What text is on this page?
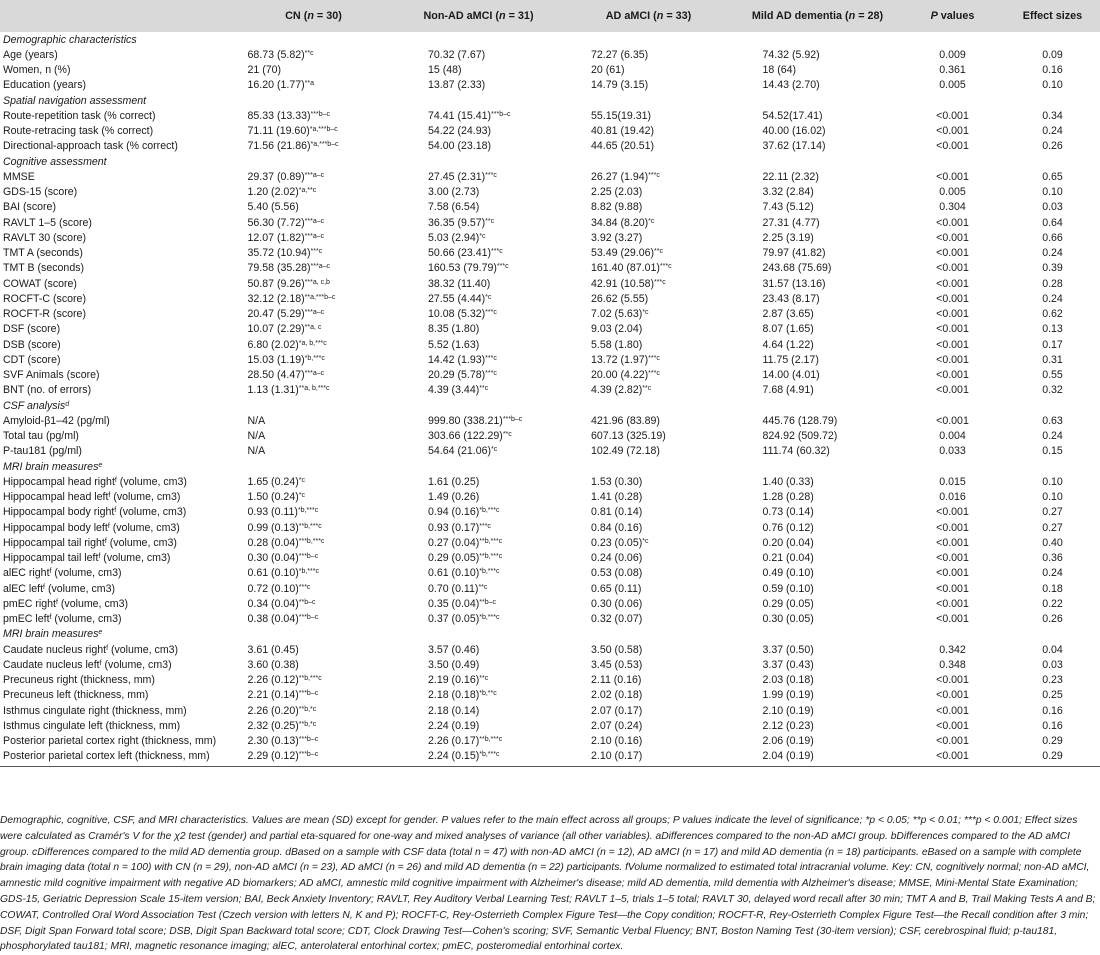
	CN (n = 30)	Non-AD aMCI (n = 31)	AD aMCI (n = 33)	Mild AD dementia (n = 28)	P values	Effect sizes
Demographic characteristics						
Age (years)	68.73 $(5.82)^{**c}$	70.32 (7.67)	72.27 (6.35)	74.32 (5.92)	0.009	0.09
Women, n (%)	21 (70)	15 (48)	20 (61)	18 (64)	0.361	0.16
Education (years)	16.20 $(1.77)^{**a}$	13.87 (2.33)	14.79 (3.15)	14.43 (2.70)	0.005	0.10
Spatial navigation assessment						
Route-repetition task (% correct)	85.33 $(13.33)^{***b-c}$	74.41 $(15.41)^{***b-c}$	55.15(19.31)	54.52(17.41)	<0.001	0.34
Route-retracing task (% correct)	71.11 $(19.60)^{*a,***b-c}$	54.22 (24.93)	40.81 (19.42)	40.00 (16.02)	<0.001	0.24
Directional-approach task (% correct)	71.56 $(21.86)^{*a,***b-c}$	54.00 (23.18)	44.65 (20.51)	37.62 (17.14)	<0.001	0.26
Cognitive assessment						
MMSE	29.37 $(0.89)^{***a-c}$	27.45 $(2.31)^{***c}$	26.27 $(1.94)^{***c}$	22.11 (2.32)	<0.001	0.65
GDS-15 (score)	1.20 $(2.02)^{*a,**c}$	3.00 (2.73)	2.25 (2.03)	3.32 (2.84)	0.005	0.10
BAI (score)	5.40 (5.56)	7.58 (6.54)	8.82 (9.88)	7.43 (5.12)	0.304	0.03
RAVLT 1–5 (score)	56.30 $(7.72)^{***a-c}$	36.35 $(9.57)^{**c}$	34.84 $(8.20)^{*c}$	27.31 (4.77)	<0.001	0.64
RAVLT 30 (score)	12.07 $(1.82)^{***a-c}$	5.03 $(2.94)^{*c}$	3.92 (3.27)	2.25 (3.19)	<0.001	0.66
TMT A (seconds)	35.72 $(10.94)^{***c}$	50.66 $(23.41)^{***c}$	53.49 $(29.06)^{**c}$	79.97 (41.82)	<0.001	0.24
TMT B (seconds)	79.58 $(35.28)^{***a-c}$	160.53 $(79.79)^{***c}$	161.40 $(87.01)^{***c}$	243.68 (75.69)	<0.001	0.39
COWAT (score)	50.87 $(9.26)^{***a, c,b}$	38.32 (11.40)	42.91 $(10.58)^{***c}$	31.57 (13.16)	<0.001	0.28
ROCFT-C (score)	32.12 $(2.18)^{**a,***b-c}$	27.55 $(4.44)^{*c}$	26.62 (5.55)	23.43 (8.17)	<0.001	0.24
ROCFT-R (score)	20.47 $(5.29)^{***a-c}$	10.08 $(5.32)^{***c}$	7.02 $(5.63)^{*c}$	2.87 (3.65)	<0.001	0.62
DSF (score)	10.07 $(2.29)^{**a, c}$	8.35 (1.80)	9.03 (2.04)	8.07 (1.65)	<0.001	0.13
DSB (score)	6.80 $(2.02)^{*a, b,***c}$	5.52 (1.63)	5.58 (1.80)	4.64 (1.22)	<0.001	0.17
CDT (score)	15.03 $(1.19)^{*b,***c}$	14.42 $(1.93)^{***c}$	13.72 $(1.97)^{***c}$	11.75 (2.17)	<0.001	0.31
SVF Animals (score)	28.50 $(4.47)^{***a-c}$	20.29 $(5.78)^{***c}$	20.00 $(4.22)^{***c}$	14.00 (4.01)	<0.001	0.55
BNT (no. of errors)	1.13 $(1.31)^{**a, b,***c}$	4.39 $(3.44)^{**c}$	4.39 $(2.82)^{**c}$	7.68 (4.91)	<0.001	0.32
CSF analysis$^d$
Amyloid-β1–42 (pg/ml)	N/A	999.80 $(338.21)^{***b-c}$	421.96 (83.89)	445.76 (128.79)	<0.001	0.63
Total tau (pg/ml)	N/A	303.66 $(122.29)^{**c}$	607.13 (325.19)	824.92 (509.72)	0.004	0.24
P-tau181 (pg/ml)	N/A	54.64 $(21.06)^{*c}$	102.49 (72.18)	111.74 (60.32)	0.033	0.15
MRI brain measures$^e$
Hippocampal head right$^f$ (volume, cm3)	1.65 $(0.24)^{*c}$	1.61 (0.25)	1.53 (0.30)	1.40 (0.33)	0.015	0.10
Hippocampal head left$^f$ (volume, cm3)	1.50 $(0.24)^{*c}$	1.49 (0.26)	1.41 (0.28)	1.28 (0.28)	0.016	0.10
Hippocampal body right$^f$ (volume, cm3)	0.93 $(0.11)^{*b,***c}$	0.94 $(0.16)^{*b,***c}$	0.81 (0.14)	0.73 (0.14)	<0.001	0.27
Hippocampal body left$^f$ (volume, cm3)	0.99 $(0.13)^{**b,***c}$	0.93 $(0.17)^{***c}$	0.84 (0.16)	0.76 (0.12)	<0.001	0.27
Hippocampal tail right$^f$ (volume, cm3)	0.28 $(0.04)^{***b,***c}$	0.27 $(0.04)^{**b,***c}$	0.23 $(0.05)^{*c}$	0.20 (0.04)	<0.001	0.40
Hippocampal tail left$^f$ (volume, cm3)	0.30 $(0.04)^{***b-c}$	0.29 $(0.05)^{**b,***c}$	0.24 (0.06)	0.21 (0.04)	<0.001	0.36
alEC right$^f$ (volume, cm3)	0.61 $(0.10)^{*b,***c}$	0.61 $(0.10)^{*b,***c}$	0.53 (0.08)	0.49 (0.10)	<0.001	0.24
alEC left$^f$ (volume, cm3)	0.72 $(0.10)^{***c}$	0.70 $(0.11)^{**c}$	0.65 (0.11)	0.59 (0.10)	<0.001	0.18
pmEC right$^f$ (volume, cm3)	0.34 $(0.04)^{**b-c}$	0.35 $(0.04)^{**b-c}$	0.30 (0.06)	0.29 (0.05)	<0.001	0.22
pmEC left$^f$ (volume, cm3)	0.38 $(0.04)^{***b-c}$	0.37 $(0.05)^{*b,***c}$	0.32 (0.07)	0.30 (0.05)	<0.001	0.26
MRI brain measures$^e$
Caudate nucleus right$^f$ (volume, cm3)	3.61 (0.45)	3.57 (0.46)	3.50 (0.58)	3.37 (0.50)	0.342	0.04
Caudate nucleus left$^f$ (volume, cm3)	3.60 (0.38)	3.50 (0.49)	3.45 (0.53)	3.37 (0.43)	0.348	0.03
Precuneus right (thickness, mm)	2.26 $(0.12)^{**b,***c}$	2.19 $(0.16)^{**c}$	2.11 (0.16)	2.03 (0.18)	<0.001	0.23
Precuneus left (thickness, mm)	2.21 $(0.14)^{***b-c}$	2.18 $(0.18)^{*b,**c}$	2.02 (0.18)	1.99 (0.19)	<0.001	0.25
Isthmus cingulate right (thickness, mm)	2.26 $(0.20)^{**b,*c}$	2.18 (0.14)	2.07 (0.17)	2.10 (0.19)	<0.001	0.16
Isthmus cingulate left (thickness, mm)	2.32 $(0.25)^{**b,*c}$	2.24 (0.19)	2.07 (0.24)	2.12 (0.23)	<0.001	0.16
Posterior parietal cortex right (thickness, mm)	2.30 $(0.13)^{***b-c}$	2.26 $(0.17)^{**b,***c}$	2.10 (0.16)	2.06 (0.19)	<0.001	0.29
Posterior parietal cortex left (thickness, mm)	2.29 $(0.12)^{***b-c}$	2.24 $(0.15)^{*b,***c}$	2.10 (0.17)	2.04 (0.19)	<0.001	0.29
Demographic, cognitive, CSF, and MRI characteristics. Values are mean (SD) except for gender. P values refer to the main effect across all groups; P values indicate the level of significance; *p < 0.05; **p < 0.01; ***p < 0.001; Effect sizes were calculated as Cramér's V for the χ2 test (gender) and partial eta-squared for one-way and mixed analyses of variance (all other variables). aDifferences compared to the non-AD aMCI group. bDifferences compared to the AD aMCI group. cDifferences compared to the mild AD dementia group. dBased on a sample with CSF data (total n = 47) with non-AD aMCI (n = 12), AD aMCI (n = 17) and mild AD dementia (n = 18) participants. eBased on a sample with complete brain imaging data (total n = 100) with CN (n = 29), non-AD aMCI (n = 23), AD aMCI (n = 26) and mild AD dementia (n = 22) participants. fVolume normalized to estimated total intracranial volume. Key: CN, cognitively normal; non-AD aMCI, amnestic mild cognitive impairment with negative AD biomarkers; AD aMCI, amnestic mild cognitive impairment with Alzheimer's disease; mild AD dementia, mild dementia with Alzheimer's disease; MMSE, Mini-Mental State Examination; GDS-15, Geriatric Depression Scale 15-item version; BAI, Beck Anxiety Inventory; RAVLT, Rey Auditory Verbal Learning Test; RAVLT 1–5, trials 1–5 total; RAVLT 30, delayed word recall after 30 min; TMT A and B, Trail Making Tests A and B; COWAT, Controlled Oral Word Association Test (Czech version with letters N, K and P); ROCFT-C, Rey-Osterrieth Complex Figure Test—the Copy condition; ROCFT-R, Rey-Osterrieth Complex Figure Test—the Recall condition after 3 min; DSF, Digit Span Forward total score; DSB, Digit Span Backward total score; CDT, Clock Drawing Test—Cohen's scoring; SVF, Semantic Verbal Fluency; BNT, Boston Naming Test (30-item version); CSF, cerebrospinal fluid; p-tau181, phosphorylated tau181; MRI, magnetic resonance imaging; alEC, anterolateral entorhinal cortex; pmEC, posteromedial entorhinal cortex.
